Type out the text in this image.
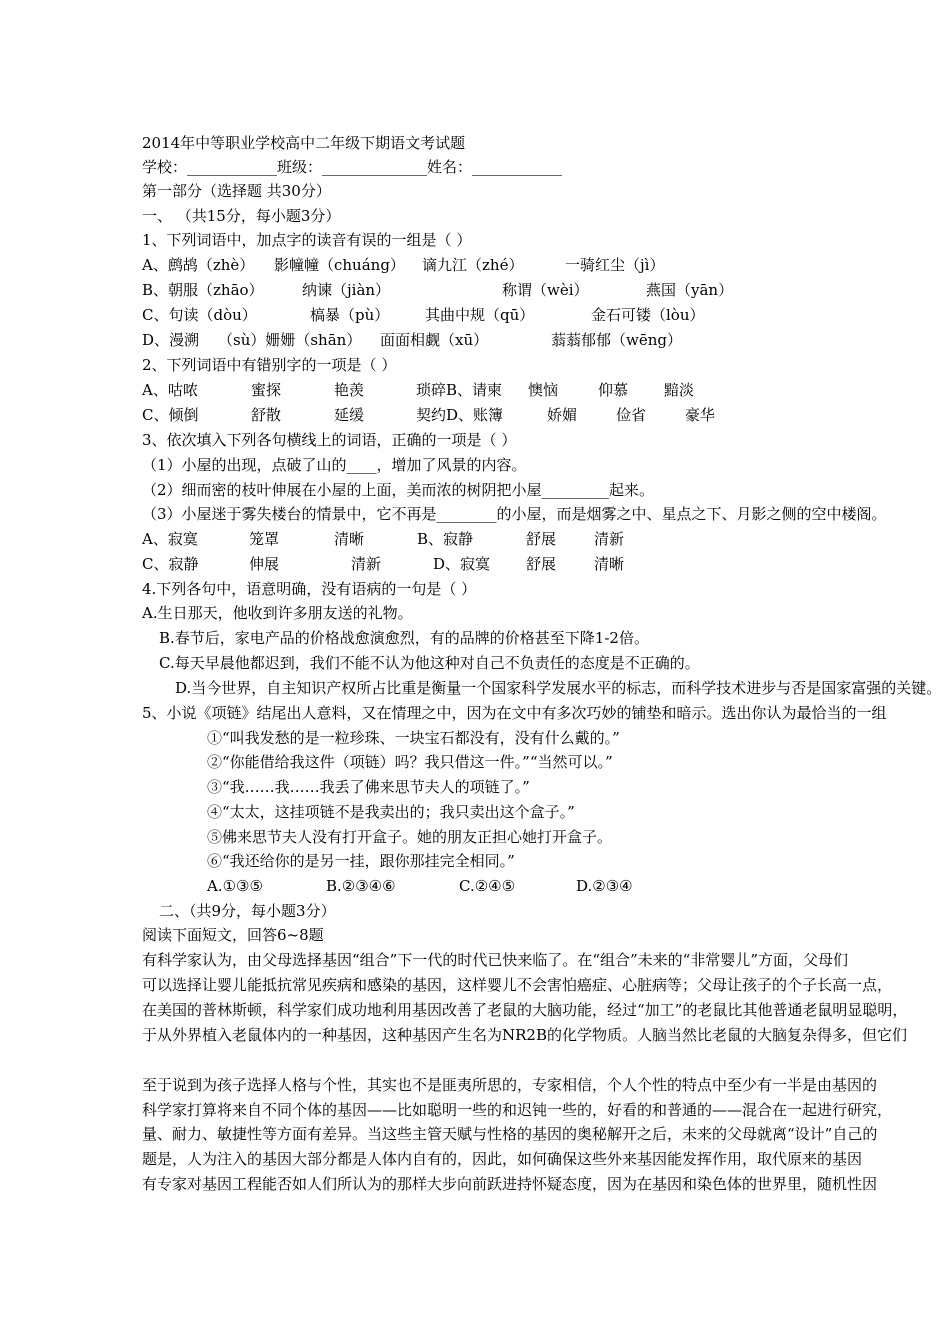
2014年中等职业学校高中二年级下期语文考试题
学校：____________班级：______________姓名：____________
第一部分（选择题 共30分）
一、 （共15分，每小题3分）
1、下列词语中，加点字的读音有误的一组是（ ）
A、鹧鸪（zhè） 影幢幢（chuáng） 谪九江（zhé）	一骑红尘（jì）
B、朝服（zhāo）	纳谏（jiàn）	称谓（wèi）	燕国（yān）
C、句读（dòu）	槁暴（pù） 其曲中规（qū）	金石可镂（lòu）
D、漫溯 （sù）姗姗（shān） 面面相觑（xū）	蓊蓊郁郁（wēng）
2、下列词语中有错别字的一项是（ ）
A、咕哝	蜜探	艳羡	琐碎B、请柬 懊恼	仰慕 黯淡
C、倾倒	舒散	延缓	契约D、账簿	娇媚	俭省	豪华
3、依次填入下列各句横线上的词语，正确的一项是（ ）
（1）小屋的出现，点破了山的____，增加了风景的内容。
（2）细而密的枝叶伸展在小屋的上面，美而浓的树阴把小屋_________起来。
（3）小屋迷于雾失楼台的情景中，它不再是________的小屋，而是烟雾之中、星点之下、月影之侧的空中楼阁。
A、寂寞	笼罩	清晰	B、寂静	舒展	清新
C、寂静	伸展	清新	D、寂寞 舒展	清晰
4.下列各句中，语意明确，没有语病的一句是（ ）
A.生日那天，他收到许多朋友送的礼物。
B.春节后，家电产品的价格战愈演愈烈，有的品牌的价格甚至下降1-2倍。
C.每天早晨他都迟到，我们不能不认为他这种对自己不负责任的态度是不正确的。
D.当今世界，自主知识产权所占比重是衡量一个国家科学发展水平的标志，而科学技术进步与否是国家富强的关键。
5、小说《项链》结尾出人意料，又在情理之中，因为在文中有多次巧妙的铺垫和暗示。选出你认为最恰当的一组
①“叫我发愁的是一粒珍珠、一块宝石都没有，没有什么戴的。”
②“你能借给我这件（项链）吗？我只借这一件。”“当然可以。”
③“我……我……我丢了佛来思节夫人的项链了。”
④“太太，这挂项链不是我卖出的；我只卖出这个盒子。”
⑤佛来思节夫人没有打开盒子。她的朋友正担心她打开盒子。
⑥“我还给你的是另一挂，跟你那挂完全相同。”
A.①③⑤	B.②③④⑥	C.②④⑤	D.②③④
二、（共9分，每小题3分）
阅读下面短文，回答6~8题
有科学家认为，由父母选择基因“组合”下一代的时代已快来临了。在“组合”未来的“非常婴儿”方面，父母们
可以选择让婴儿能抵抗常见疾病和感染的基因，这样婴儿不会害怕癌症、心脏病等；父母让孩子的个子长高一点，
在美国的普林斯顿，科学家们成功地利用基因改善了老鼠的大脑功能，经过“加工”的老鼠比其他普通老鼠明显聪明，
于从外界植入老鼠体内的一种基因，这种基因产生名为NR2B的化学物质。人脑当然比老鼠的大脑复杂得多，但它们
至于说到为孩子选择人格与个性，其实也不是匪夷所思的，专家相信，个人个性的特点中至少有一半是由基因的
科学家打算将来自不同个体的基因——比如聪明一些的和迟钝一些的，好看的和普通的——混合在一起进行研究，
量、耐力、敏捷性等方面有差异。当这些主管天赋与性格的基因的奥秘解开之后，未来的父母就离“设计”自己的
题是，人为注入的基因大部分都是人体内自有的，因此，如何确保这些外来基因能发挥作用，取代原来的基因
有专家对基因工程能否如人们所认为的那样大步向前跃进持怀疑态度，因为在基因和染色体的世界里，随机性因
